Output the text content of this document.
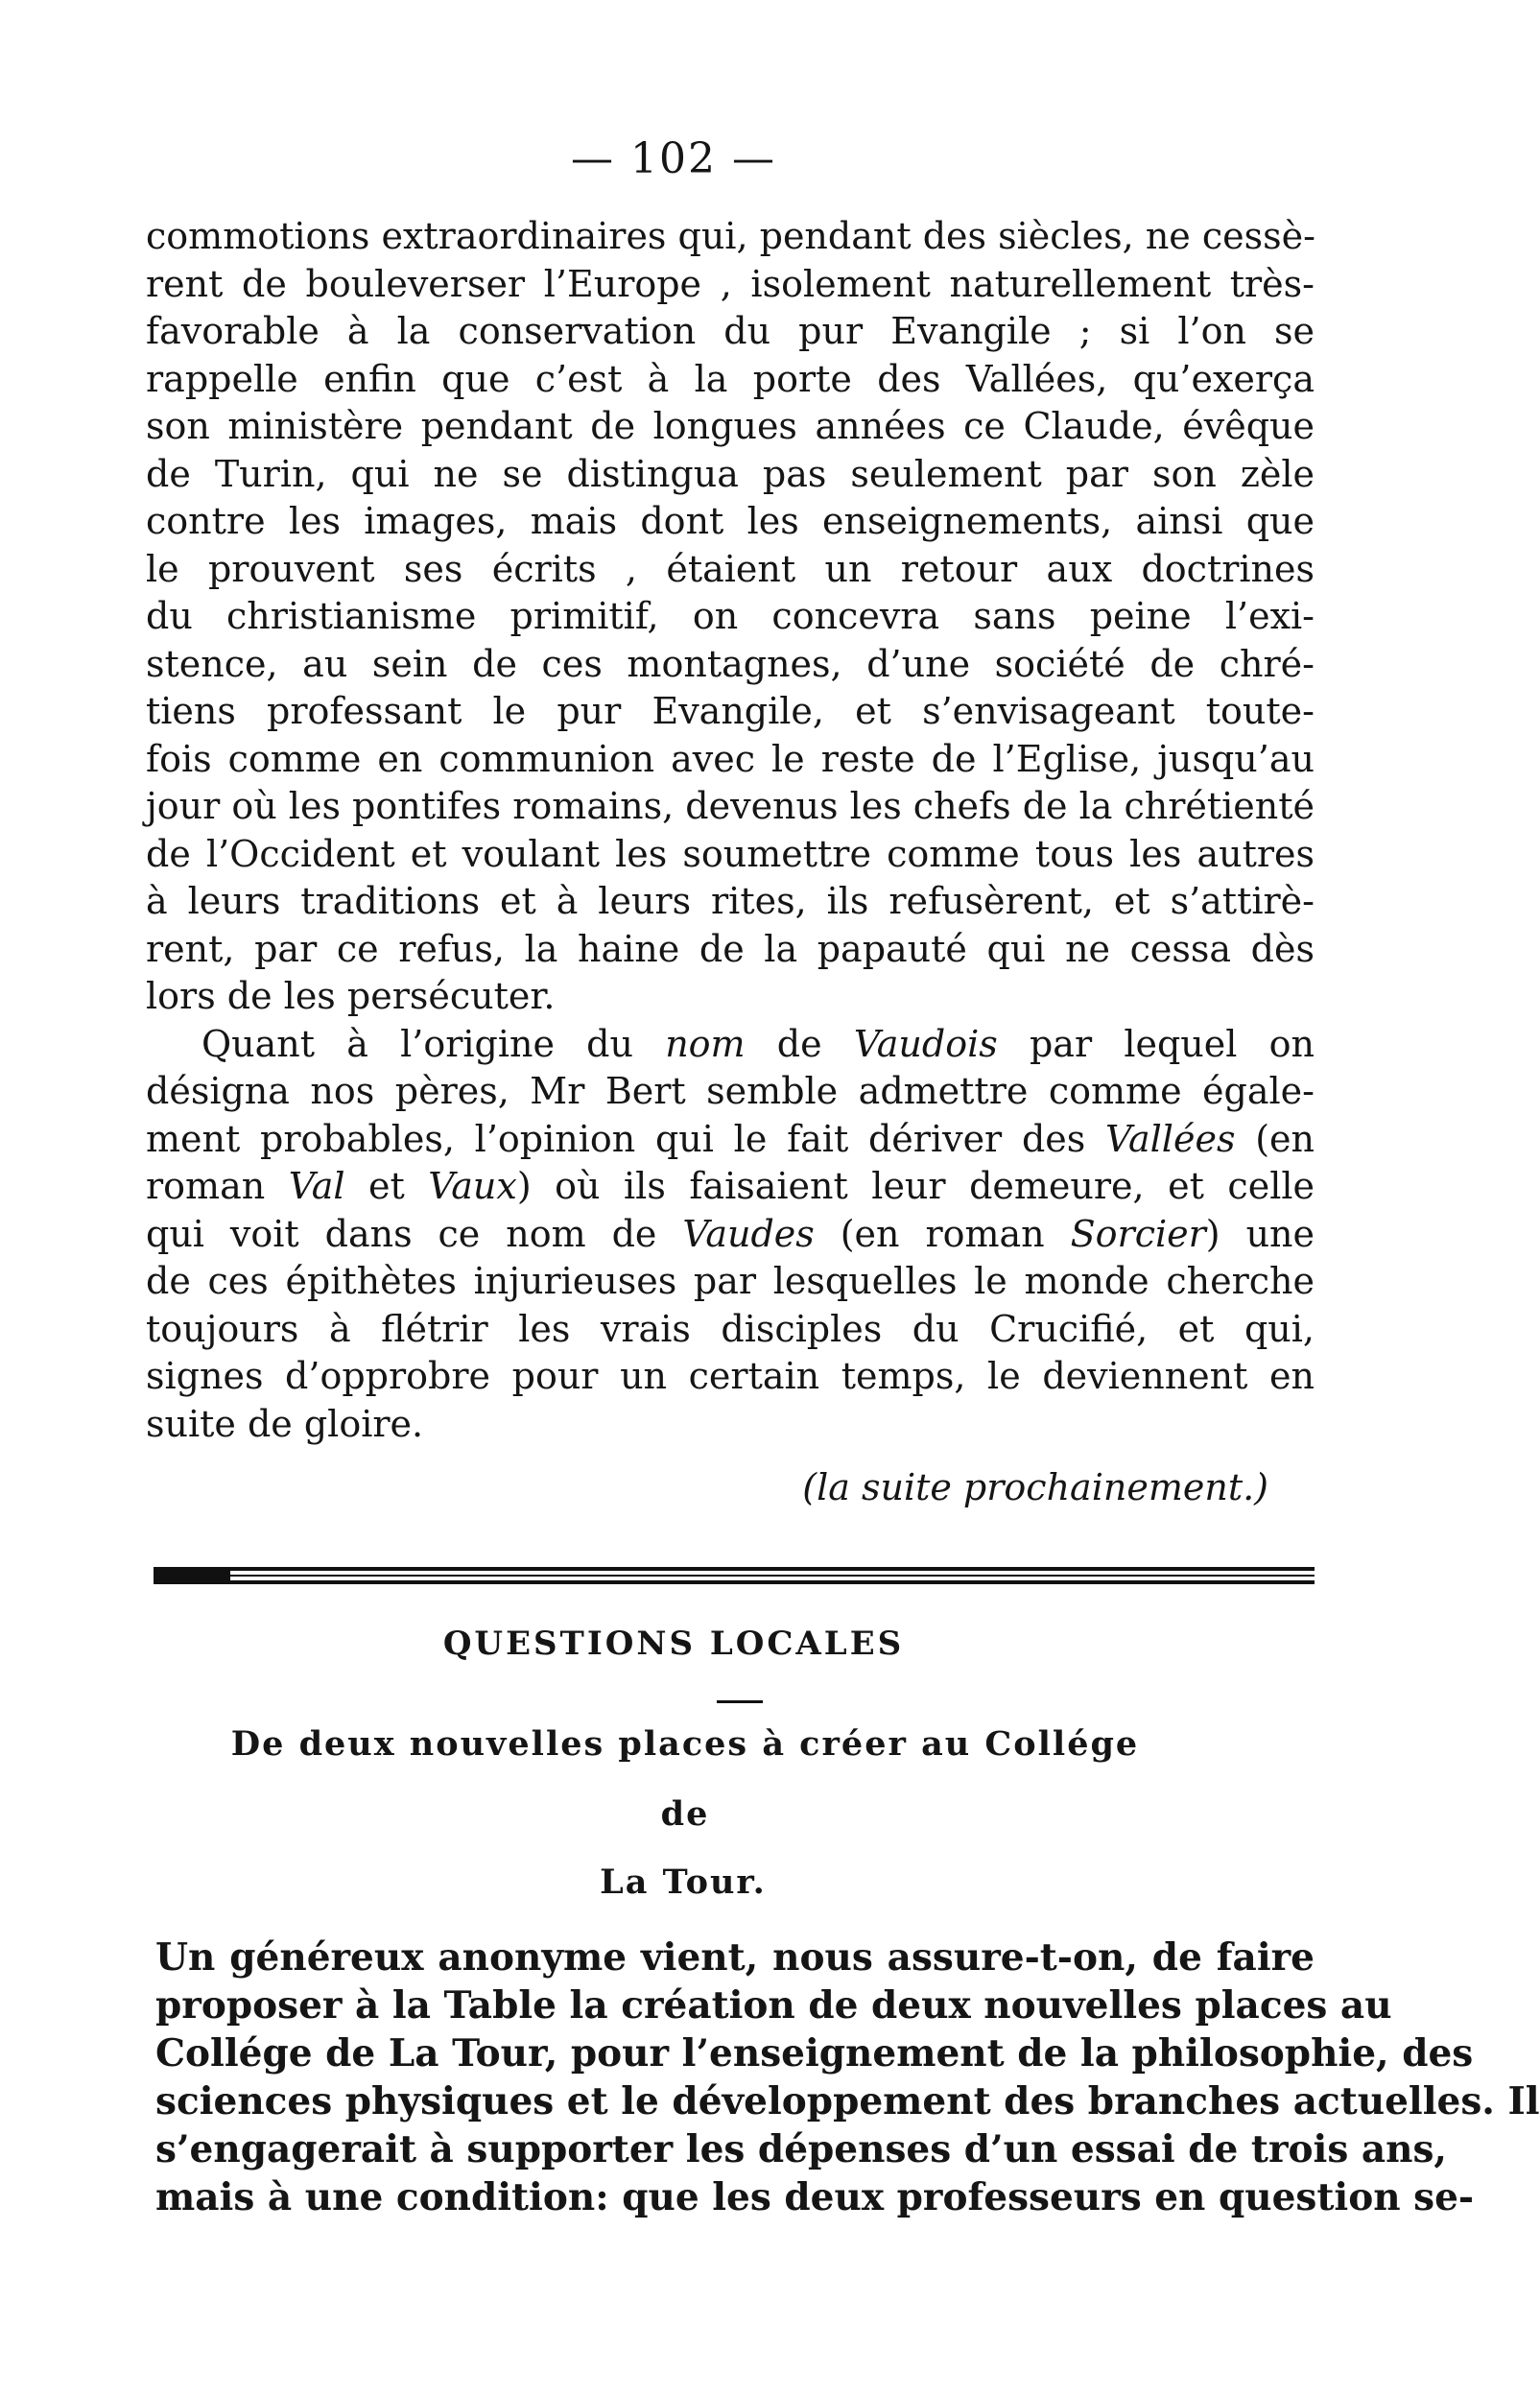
— 102 —
commotions extraordinaires qui, pendant des siècles, ne cessè-
rent de bouleverser l’Europe , isolement naturellement très-
favorable à la conservation du pur Evangile ; si l’on se
rappelle enfin que c’est à la porte des Vallées, qu’exerça
son ministère pendant de longues années ce Claude, évêque
de Turin, qui ne se distingua pas seulement par son zèle
contre les images, mais dont les enseignements, ainsi que
le prouvent ses écrits , étaient un retour aux doctrines
du christianisme primitif, on concevra sans peine l’exi-
stence, au sein de ces montagnes, d’une société de chré-
tiens professant le pur Evangile, et s’envisageant toute-
fois comme en communion avec le reste de l’Eglise, jusqu’au
jour où les pontifes romains, devenus les chefs de la chrétienté
de l’Occident et voulant les soumettre comme tous les autres
à leurs traditions et à leurs rites, ils refusèrent, et s’attirè-
rent, par ce refus, la haine de la papauté qui ne cessa dès
lors de les persécuter.
Quant à l’origine du nom de Vaudois par lequel on
désigna nos pères, Mr Bert semble admettre comme égale-
ment probables, l’opinion qui le fait dériver des Vallées (en
roman Val et Vaux) où ils faisaient leur demeure, et celle
qui voit dans ce nom de Vaudes (en roman Sorcier) une
de ces épithètes injurieuses par lesquelles le monde cherche
toujours à flétrir les vrais disciples du Crucifié, et qui,
signes d’opprobre pour un certain temps, le deviennent en
suite de gloire.
(la suite prochainement.)
QUESTIONS LOCALES
De deux nouvelles places à créer au Collége
de
La Tour.
Un généreux anonyme vient, nous assure-t-on, de faire
proposer à la Table la création de deux nouvelles places au
Collége de La Tour, pour l’enseignement de la philosophie, des
sciences physiques et le développement des branches actuelles. Il
s’engagerait à supporter les dépenses d’un essai de trois ans,
mais à une condition: que les deux professeurs en question se-
